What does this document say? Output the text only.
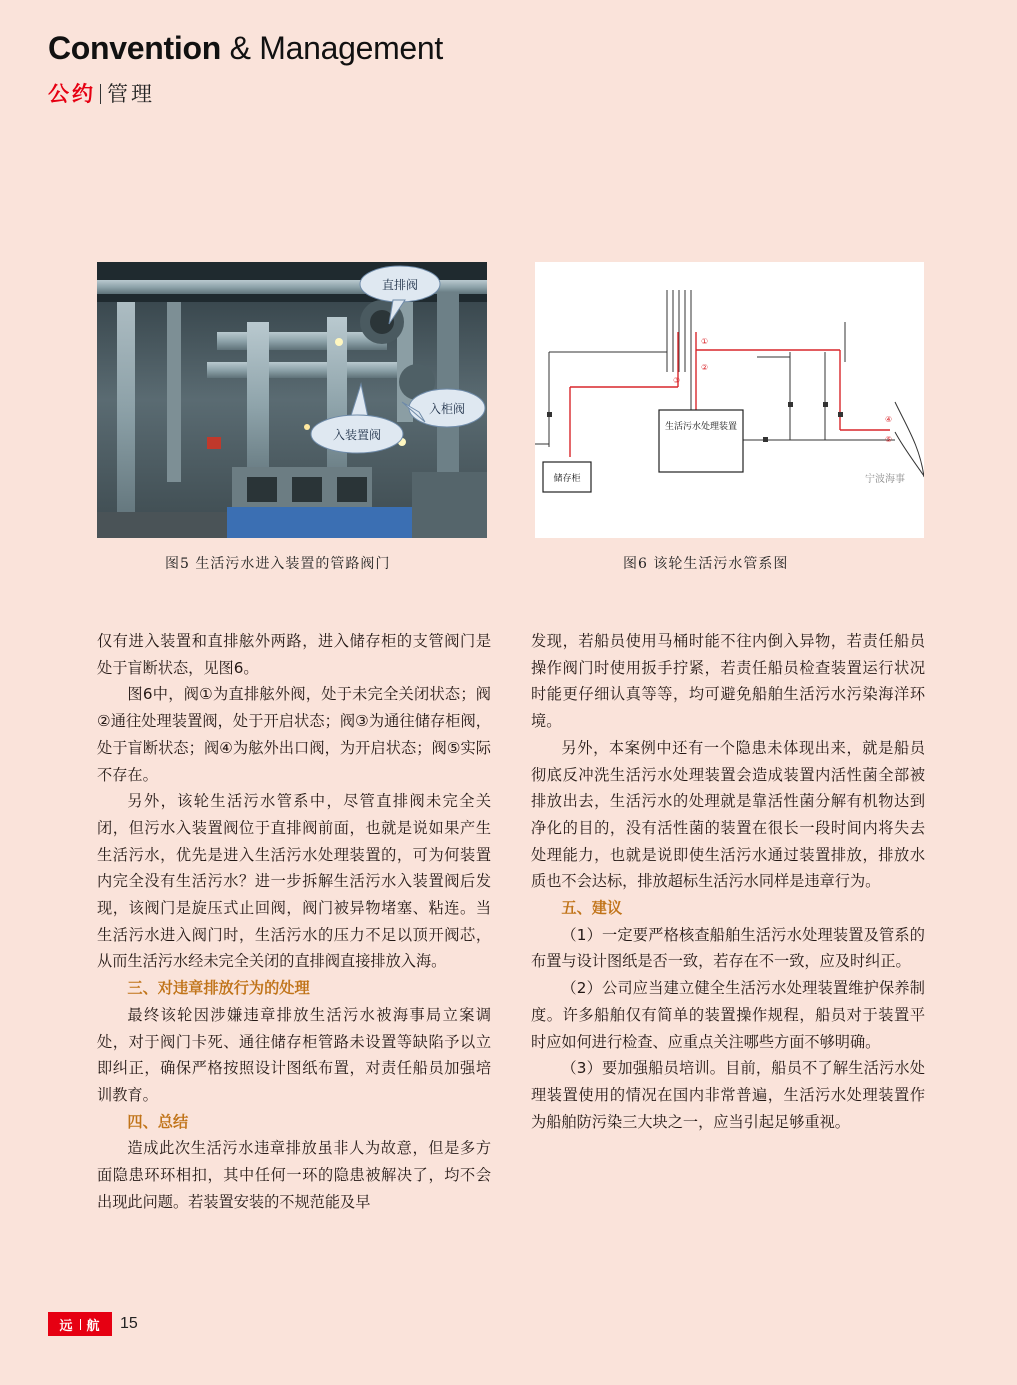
Convention & Management
公约 管理
直排阀
入柜阀
入装置阀
图5 生活污水进入装置的管路阀门
生活污水处理装置
储存柜
①
②
③
④
⑤
宁波海事
图6 该轮生活污水管系图

仅有进入装置和直排舷外两路，进入储存柜的支管阀门是处于盲断状态，见图6。

图6中，阀①为直排舷外阀，处于未完全关闭状态；阀②通往处理装置阀，处于开启状态；阀③为通往储存柜阀，处于盲断状态；阀④为舷外出口阀，为开启状态；阀⑤实际不存在。

另外，该轮生活污水管系中，尽管直排阀未完全关闭，但污水入装置阀位于直排阀前面，也就是说如果产生生活污水，优先是进入生活污水处理装置的，可为何装置内完全没有生活污水？进一步拆解生活污水入装置阀后发现，该阀门是旋压式止回阀，阀门被异物堵塞、粘连。当生活污水进入阀门时，生活污水的压力不足以顶开阀芯，从而生活污水经未完全关闭的直排阀直接排放入海。

三、对违章排放行为的处理

最终该轮因涉嫌违章排放生活污水被海事局立案调处，对于阀门卡死、通往储存柜管路未设置等缺陷予以立即纠正，确保严格按照设计图纸布置，对责任船员加强培训教育。

四、总结

造成此次生活污水违章排放虽非人为故意，但是多方面隐患环环相扣，其中任何一环的隐患被解决了，均不会出现此问题。若装置安装的不规范能及早

发现，若船员使用马桶时能不往内倒入异物，若责任船员操作阀门时使用扳手拧紧，若责任船员检查装置运行状况时能更仔细认真等等，均可避免船舶生活污水污染海洋环境。

另外，本案例中还有一个隐患未体现出来，就是船员彻底反冲洗生活污水处理装置会造成装置内活性菌全部被排放出去，生活污水的处理就是靠活性菌分解有机物达到净化的目的，没有活性菌的装置在很长一段时间内将失去处理能力，也就是说即使生活污水通过装置排放，排放水质也不会达标，排放超标生活污水同样是违章行为。

五、建议

（1）一定要严格核查船舶生活污水处理装置及管系的布置与设计图纸是否一致，若存在不一致，应及时纠正。

（2）公司应当建立健全生活污水处理装置维护保养制度。许多船舶仅有简单的装置操作规程，船员对于装置平时应如何进行检查、应重点关注哪些方面不够明确。

（3）要加强船员培训。目前，船员不了解生活污水处理装置使用的情况在国内非常普遍，生活污水处理装置作为船舶防污染三大块之一，应当引起足够重视。

远 航 15
